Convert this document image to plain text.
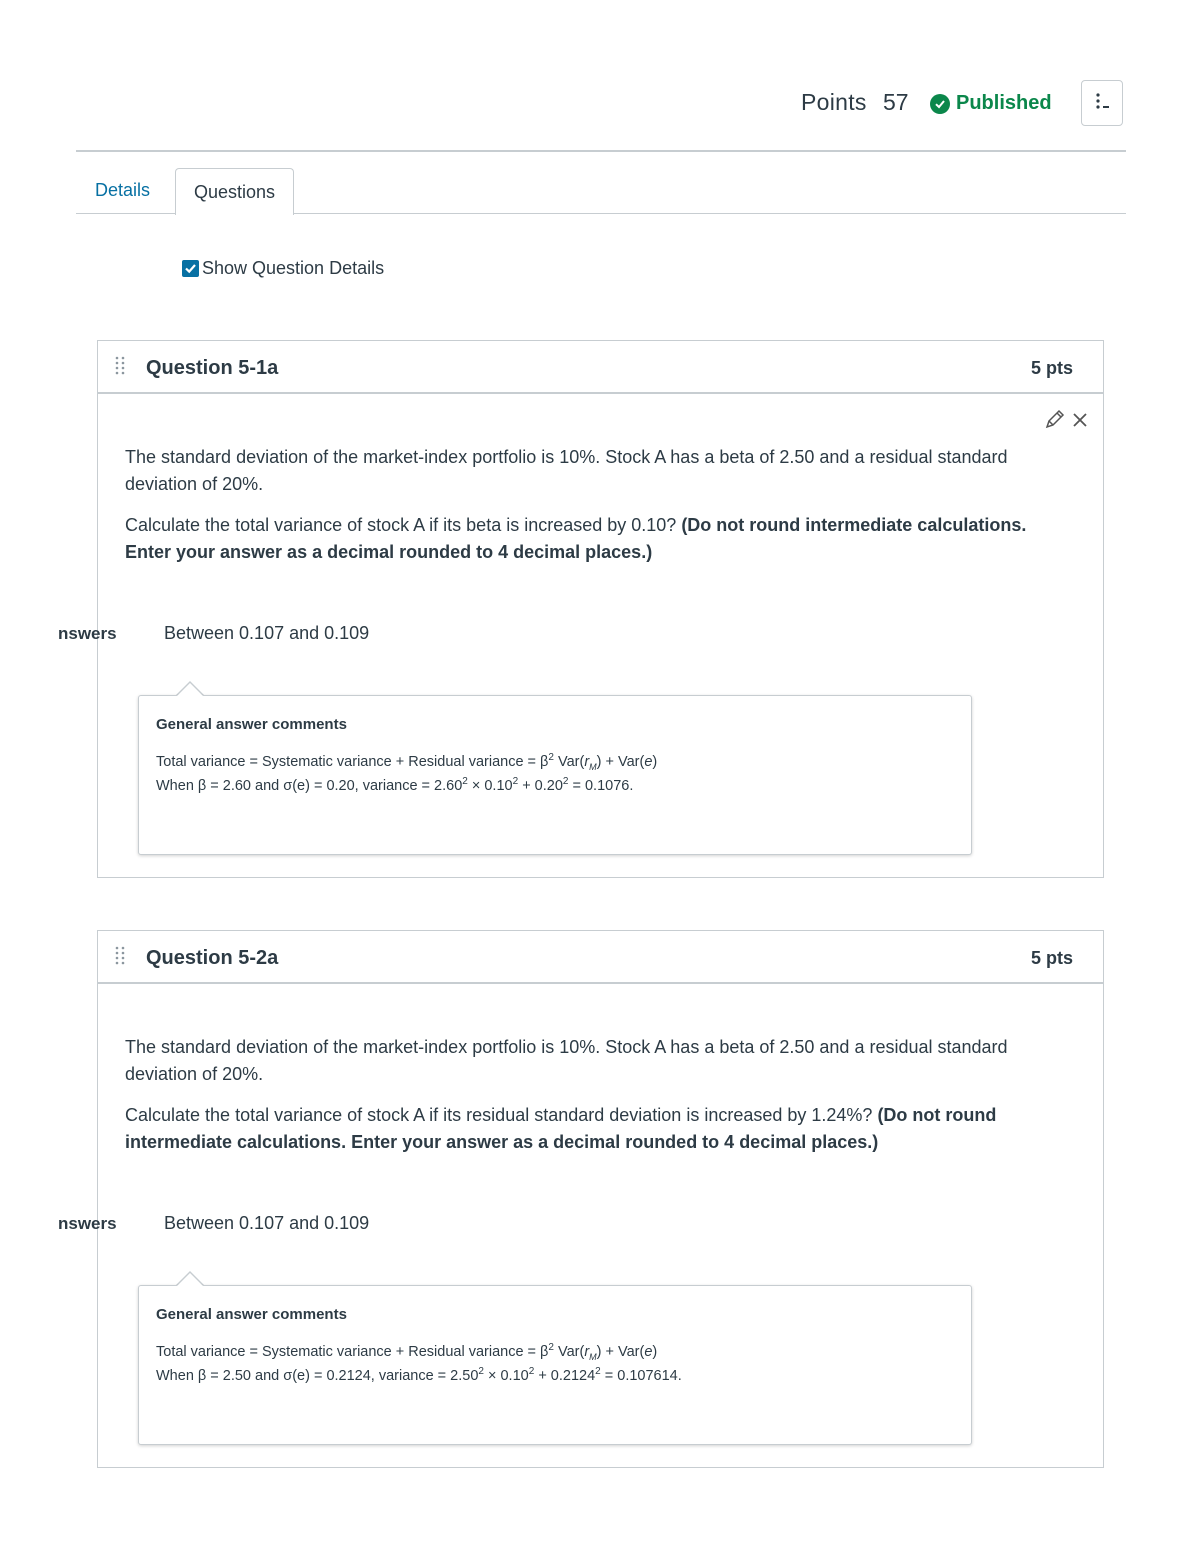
Points 57 Published
Details	Questions
Show Question Details
Question 5-1a	5 pts

The standard deviation of the market-index portfolio is 10%. Stock A has a beta of 2.50 and a residual standard deviation of 20%.

Calculate the total variance of stock A if its beta is increased by 0.10? (Do not round intermediate calculations. Enter your answer as a decimal rounded to 4 decimal places.)

nswers	Between 0.107 and 0.109
General answer comments
Total variance = Systematic variance + Residual variance = $\beta^2$ $Var(r_M) + Var(e)$
When β = 2.60 and σ(e) = 0.20, variance = $2.60^2 \times 0.10^2 + 0.20^2 = 0.1076$.
Question 5-2a	5 pts

The standard deviation of the market-index portfolio is 10%. Stock A has a beta of 2.50 and a residual standard deviation of 20%.

Calculate the total variance of stock A if its residual standard deviation is increased by 1.24%? (Do not round intermediate calculations. Enter your answer as a decimal rounded to 4 decimal places.)

nswers	Between 0.107 and 0.109
General answer comments
Total variance = Systematic variance + Residual variance = $\beta^2$ $Var(r_M) + Var(e)$
When β = 2.50 and σ(e) = 0.2124, variance = $2.50^2 \times 0.10^2 + 0.2124^2 = 0.107614$.
